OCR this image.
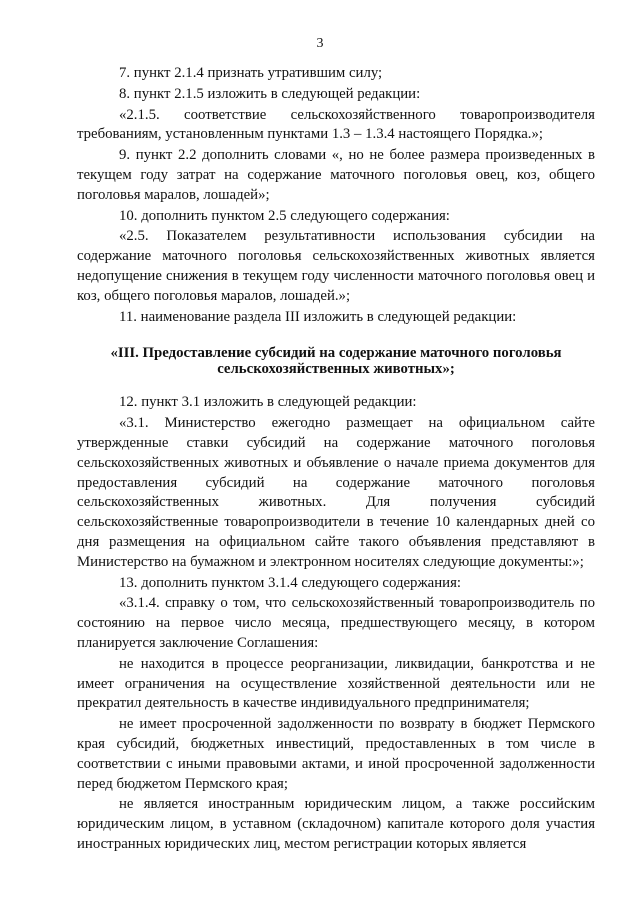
3

7. пункт 2.1.4 признать утратившим силу;

8. пункт 2.1.5 изложить в следующей редакции:

«2.1.5. соответствие сельскохозяйственного товаропроизводителя требованиям, установленным пунктами 1.3 – 1.3.4 настоящего Порядка.»;

9. пункт 2.2 дополнить словами «, но не более размера произведенных в текущем году затрат на содержание маточного поголовья овец, коз, общего поголовья маралов, лошадей»;

10. дополнить пунктом 2.5 следующего содержания:

«2.5. Показателем результативности использования субсидии на содержание маточного поголовья сельскохозяйственных животных является недопущение снижения в текущем году численности маточного поголовья овец и коз, общего поголовья маралов, лошадей.»;

11. наименование раздела III изложить в следующей редакции:

«III. Предоставление субсидий на содержание маточного поголовья сельскохозяйственных животных»;

12. пункт 3.1 изложить в следующей редакции:

«3.1. Министерство ежегодно размещает на официальном сайте утвержденные ставки субсидий на содержание маточного поголовья сельскохозяйственных животных и объявление о начале приема документов для предоставления субсидий на содержание маточного поголовья сельскохозяйственных животных. Для получения субсидий сельскохозяйственные товаропроизводители в течение 10 календарных дней со дня размещения на официальном сайте такого объявления представляют в Министерство на бумажном и электронном носителях следующие документы:»;

13. дополнить пунктом 3.1.4 следующего содержания:

«3.1.4. справку о том, что сельскохозяйственный товаропроизводитель по состоянию на первое число месяца, предшествующего месяцу, в котором планируется заключение Соглашения:

не находится в процессе реорганизации, ликвидации, банкротства и не имеет ограничения на осуществление хозяйственной деятельности или не прекратил деятельность в качестве индивидуального предпринимателя;

не имеет просроченной задолженности по возврату в бюджет Пермского края субсидий, бюджетных инвестиций, предоставленных в том числе в соответствии с иными правовыми актами, и иной просроченной задолженности перед бюджетом Пермского края;

не является иностранным юридическим лицом, а также российским юридическим лицом, в уставном (складочном) капитале которого доля участия иностранных юридических лиц, местом регистрации которых является
